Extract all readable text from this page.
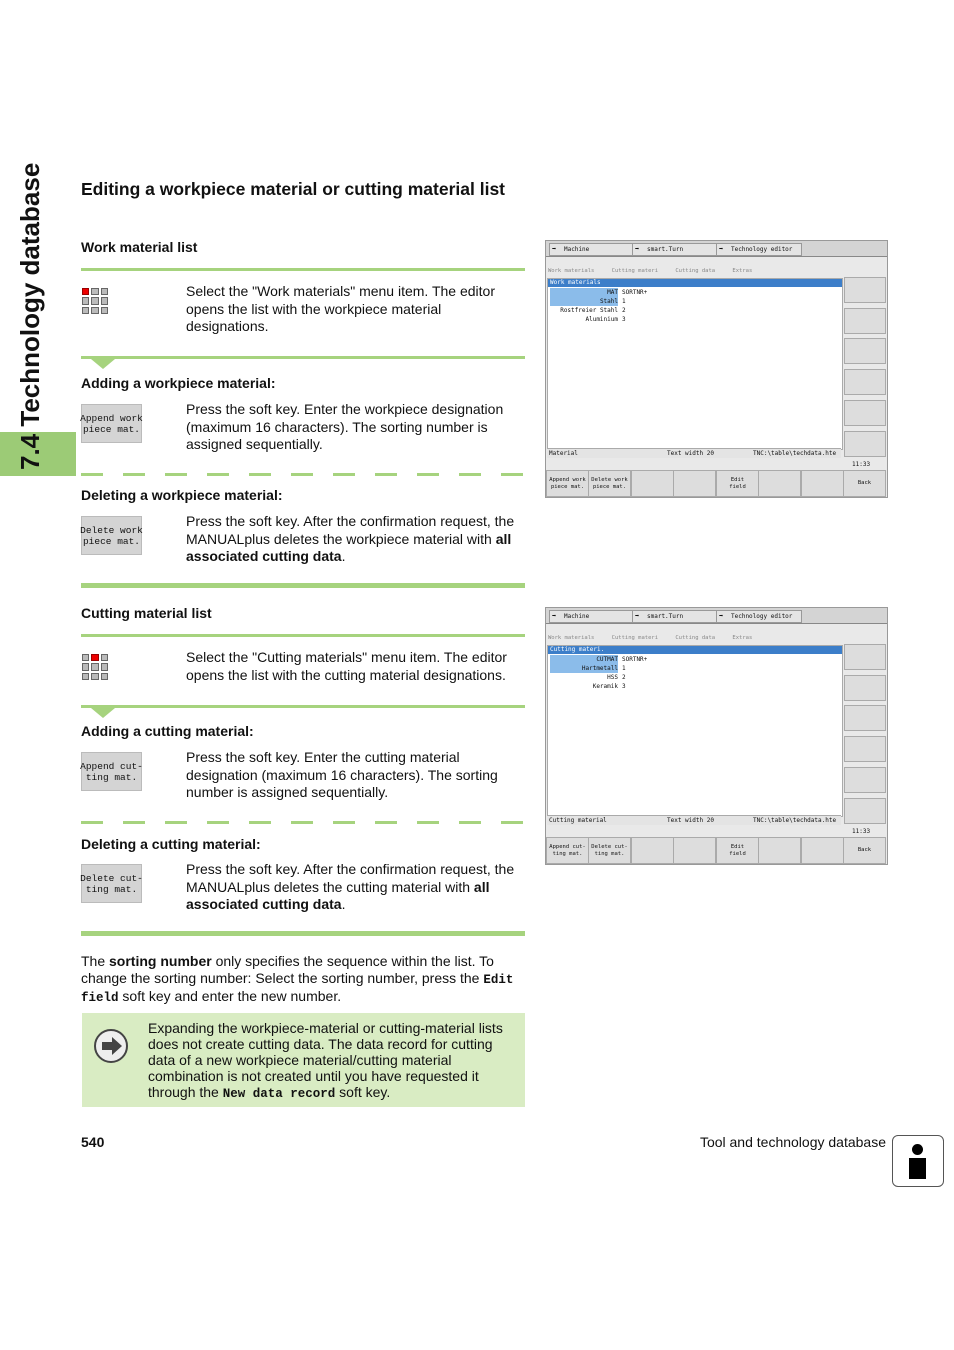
7.4 Technology database Editing a workpiece material or cutting material list
Work material list
Select the "Work materials" menu item. The editor opens the list with the workpiece material designations.
Adding a workpiece material:
Append work
piece mat.
Press the soft key. Enter the workpiece designation (maximum 16 characters). The sorting number is assigned sequentially.
Deleting a workpiece material:
Delete work
piece mat.
Press the soft key. After the confirmation request, the MANUALplus deletes the workpiece material with all associated cutting data.
Cutting material list
Select the "Cutting materials" menu item. The editor opens the list with the cutting material designations.
Adding a cutting material:
Append cut-
ting mat.
Press the soft key. Enter the cutting material designation (maximum 16 characters). The sorting number is assigned sequentially.
Deleting a cutting material:
Delete cut-
ting mat.
Press the soft key. After the confirmation request, the MANUALplus deletes the cutting material with all associated cutting data.
The sorting number only specifies the sequence within the list. To change the sorting number: Select the sorting number, press the Edit field soft key and enter the new number.
Expanding the workpiece-material or cutting-material lists does not create cutting data. The data record for cutting data of a new workpiece material/cutting material combination is not created until you have requested it through the New data record soft key.
540	Tool and technology database
➡ Machine	➡ smart.Turn	➡ Technology editor
Work materials	Cutting materi	Cutting data	Extras
Work materials
MAT SORTNR+
Stahl 1
Rostfreier Stahl 2
Aluminium 3
Material	Text width 20	TNC:\table\techdata.hte
11:33
Append work
piece mat.
Delete work
piece mat.
Edit
field
Back
➡ Machine	➡ smart.Turn	➡ Technology editor
Work materials	Cutting materi	Cutting data	Extras
Cutting materi.
CUTMAT SORTNR+
Hartmetall 1
HSS 2
Keramik 3
Cutting material	Text width 20	TNC:\table\techdata.hte
11:33
Append cut-
ting mat.
Delete cut-
ting mat.
Edit
field
Back
